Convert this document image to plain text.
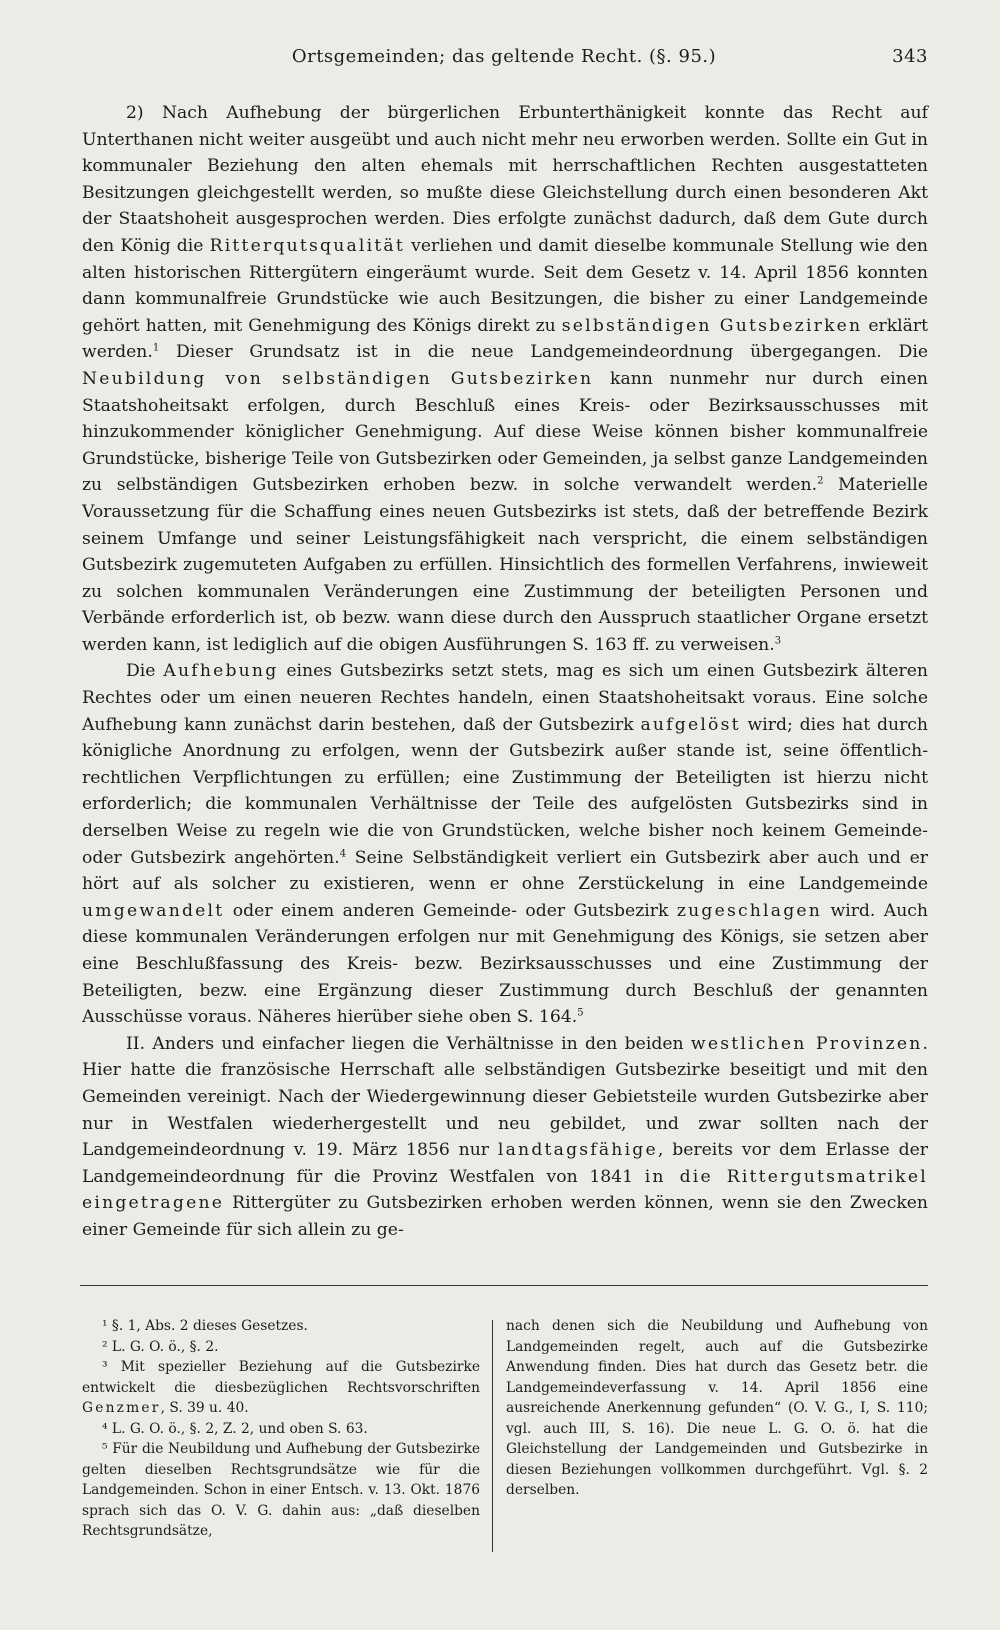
Ortsgemeinden; das geltende Recht. (§. 95.)	343

2) Nach Aufhebung der bürgerlichen Erbunterthänigkeit konnte das Recht auf Unterthanen nicht weiter ausgeübt und auch nicht mehr neu erworben werden. Sollte ein Gut in kommunaler Beziehung den alten ehemals mit herrschaftlichen Rechten ausgestatteten Besitzungen gleichgestellt werden, so mußte diese Gleichstellung durch einen besonderen Akt der Staatshoheit ausgesprochen werden. Dies erfolgte zunächst dadurch, daß dem Gute durch den König die Ritterqutsqualität verliehen und damit dieselbe kommunale Stellung wie den alten historischen Rittergütern eingeräumt wurde. Seit dem Gesetz v. 14. April 1856 konnten dann kommunalfreie Grundstücke wie auch Besitzungen, die bisher zu einer Landgemeinde gehört hatten, mit Genehmigung des Königs direkt zu selbständigen Gutsbezirken erklärt werden.$^1$ Dieser Grundsatz ist in die neue Landgemeindeordnung übergegangen. Die Neubildung von selbständigen Gutsbezirken kann nunmehr nur durch einen Staatshoheitsakt erfolgen, durch Beschluß eines Kreis- oder Bezirksausschusses mit hinzukommender königlicher Genehmigung. Auf diese Weise können bisher kommunalfreie Grundstücke, bisherige Teile von Gutsbezirken oder Gemeinden, ja selbst ganze Landgemeinden zu selbständigen Gutsbezirken erhoben bezw. in solche verwandelt werden.$^2$ Materielle Voraussetzung für die Schaffung eines neuen Gutsbezirks ist stets, daß der betreffende Bezirk seinem Umfange und seiner Leistungsfähigkeit nach verspricht, die einem selbständigen Gutsbezirk zugemuteten Aufgaben zu erfüllen. Hinsichtlich des formellen Verfahrens, inwieweit zu solchen kommunalen Veränderungen eine Zustimmung der beteiligten Personen und Verbände erforderlich ist, ob bezw. wann diese durch den Ausspruch staatlicher Organe ersetzt werden kann, ist lediglich auf die obigen Ausführungen S. 163 ff. zu verweisen.$^3$

Die Aufhebung eines Gutsbezirks setzt stets, mag es sich um einen Gutsbezirk älteren Rechtes oder um einen neueren Rechtes handeln, einen Staatshoheitsakt voraus. Eine solche Aufhebung kann zunächst darin bestehen, daß der Gutsbezirk aufgelöst wird; dies hat durch königliche Anordnung zu erfolgen, wenn der Gutsbezirk außer stande ist, seine öffentlich-rechtlichen Verpflichtungen zu erfüllen; eine Zustimmung der Beteiligten ist hierzu nicht erforderlich; die kommunalen Verhältnisse der Teile des aufgelösten Gutsbezirks sind in derselben Weise zu regeln wie die von Grundstücken, welche bisher noch keinem Gemeinde- oder Gutsbezirk angehörten.$^4$ Seine Selbständigkeit verliert ein Gutsbezirk aber auch und er hört auf als solcher zu existieren, wenn er ohne Zerstückelung in eine Landgemeinde umgewandelt oder einem anderen Gemeinde- oder Gutsbezirk zugeschlagen wird. Auch diese kommunalen Veränderungen erfolgen nur mit Genehmigung des Königs, sie setzen aber eine Beschlußfassung des Kreis- bezw. Bezirksausschusses und eine Zustimmung der Beteiligten, bezw. eine Ergänzung dieser Zustimmung durch Beschluß der genannten Ausschüsse voraus. Näheres hierüber siehe oben S. 164.$^5$

II. Anders und einfacher liegen die Verhältnisse in den beiden westlichen Provinzen. Hier hatte die französische Herrschaft alle selbständigen Gutsbezirke beseitigt und mit den Gemeinden vereinigt. Nach der Wiedergewinnung dieser Gebietsteile wurden Gutsbezirke aber nur in Westfalen wiederhergestellt und neu gebildet, und zwar sollten nach der Landgemeindeordnung v. 19. März 1856 nur landtagsfähige, bereits vor dem Erlasse der Landgemeindeordnung für die Provinz Westfalen von 1841 in die Rittergutsmatrikel eingetragene Rittergüter zu Gutsbezirken erhoben werden können, wenn sie den Zwecken einer Gemeinde für sich allein zu ge-

¹ §. 1, Abs. 2 dieses Gesetzes.

² L. G. O. ö., §. 2.

³ Mit spezieller Beziehung auf die Gutsbezirke entwickelt die diesbezüglichen Rechtsvorschriften Genzmer, S. 39 u. 40.

⁴ L. G. O. ö., §. 2, Z. 2, und oben S. 63.

⁵ Für die Neubildung und Aufhebung der Gutsbezirke gelten dieselben Rechtsgrundsätze wie für die Landgemeinden. Schon in einer Entsch. v. 13. Okt. 1876 sprach sich das O. V. G. dahin aus: „daß dieselben Rechtsgrundsätze,

nach denen sich die Neubildung und Aufhebung von Landgemeinden regelt, auch auf die Gutsbezirke Anwendung finden. Dies hat durch das Gesetz betr. die Landgemeindeverfassung v. 14. April 1856 eine ausreichende Anerkennung gefunden“ (O. V. G., I, S. 110; vgl. auch III, S. 16). Die neue L. G. O. ö. hat die Gleichstellung der Landgemeinden und Gutsbezirke in diesen Beziehungen vollkommen durchgeführt. Vgl. §. 2 derselben.
